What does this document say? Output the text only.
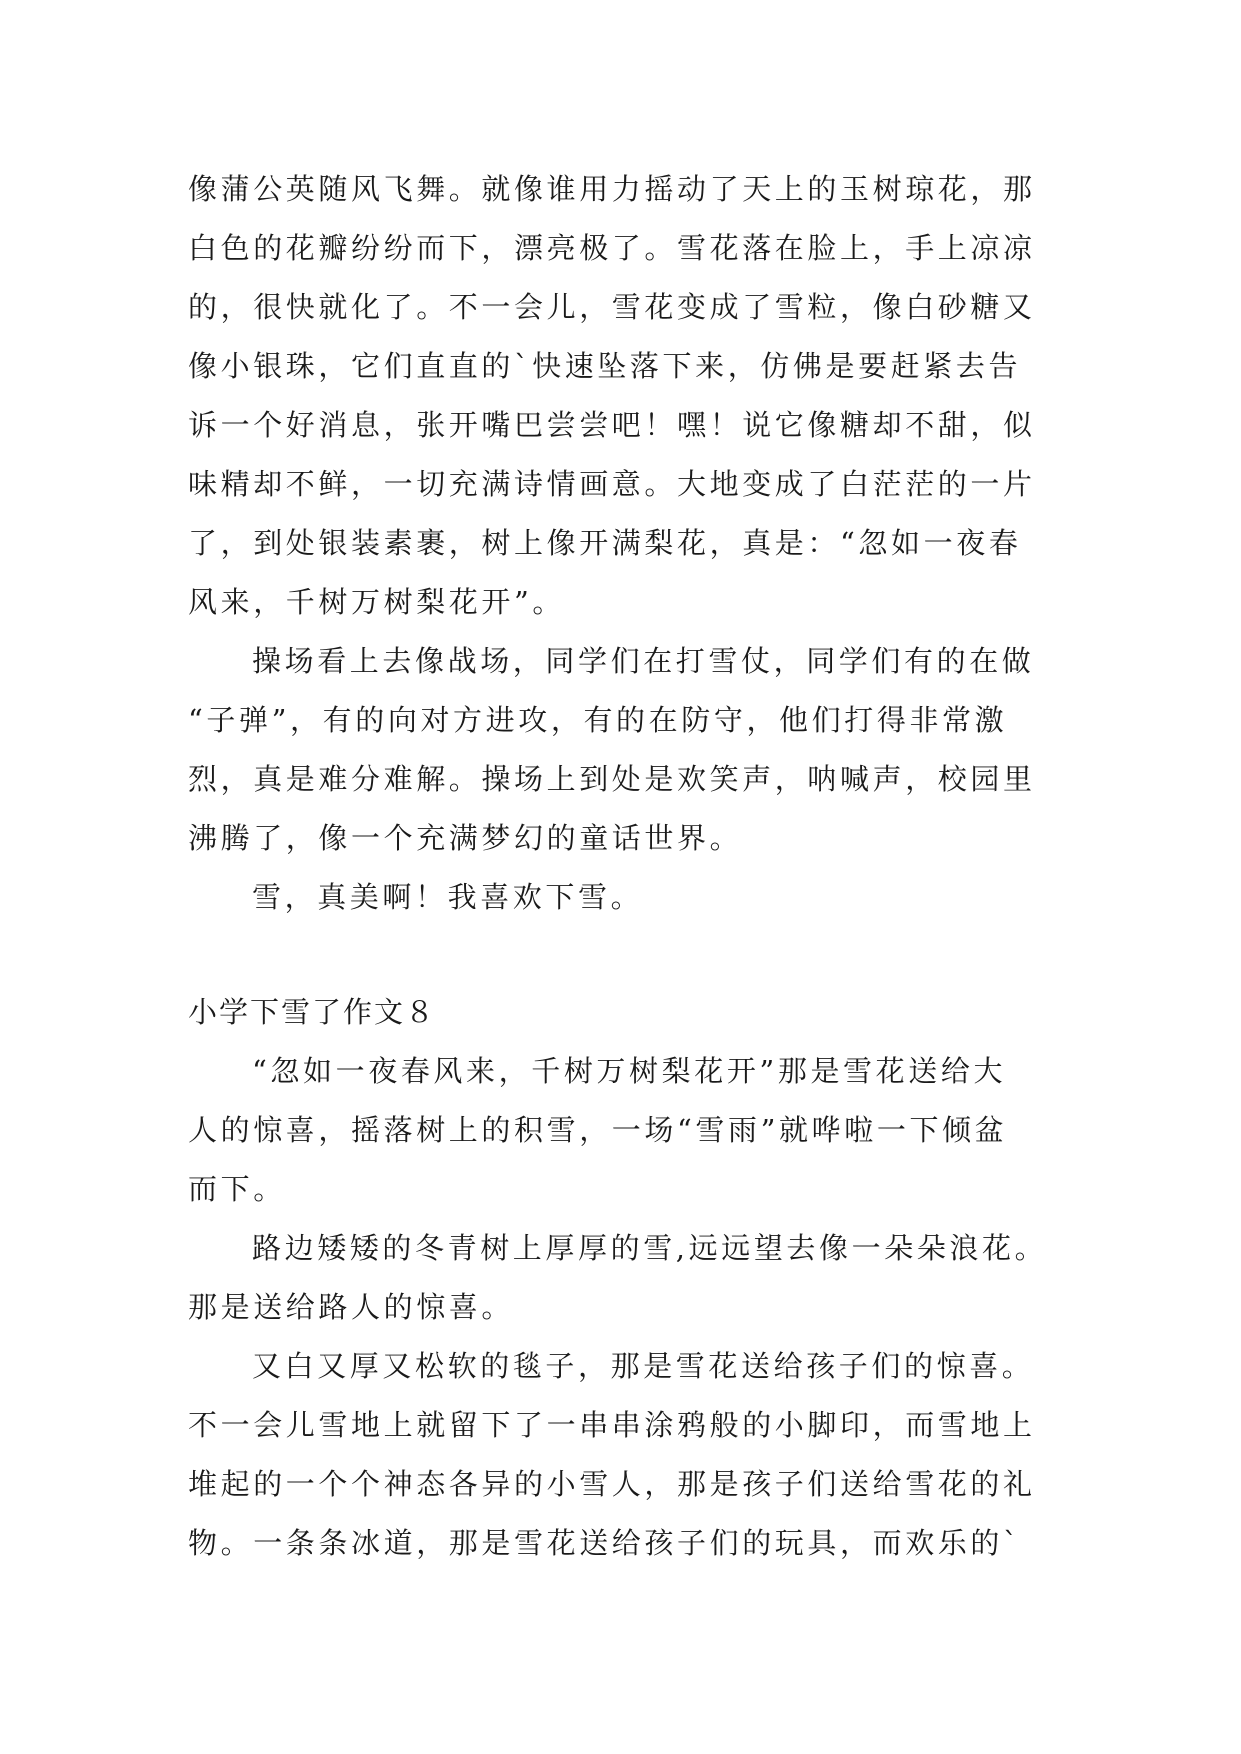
像蒲公英随风飞舞。就像谁用力摇动了天上的玉树琼花，那
白色的花瓣纷纷而下，漂亮极了。雪花落在脸上，手上凉凉
的，很快就化了。不一会儿，雪花变成了雪粒，像白砂糖又
像小银珠，它们直直的`快速坠落下来，仿佛是要赶紧去告
诉一个好消息，张开嘴巴尝尝吧！嘿！说它像糖却不甜，似
味精却不鲜，一切充满诗情画意。大地变成了白茫茫的一片
了，到处银装素裹，树上像开满梨花，真是：“忽如一夜春
风来，千树万树梨花开”。
操场看上去像战场，同学们在打雪仗，同学们有的在做
“子弹”，有的向对方进攻，有的在防守，他们打得非常激
烈，真是难分难解。操场上到处是欢笑声，呐喊声，校园里
沸腾了，像一个充满梦幻的童话世界。
雪，真美啊！我喜欢下雪。
小学下雪了作文８
“忽如一夜春风来，千树万树梨花开”那是雪花送给大
人的惊喜，摇落树上的积雪，一场“雪雨”就哗啦一下倾盆
而下。
路边矮矮的冬青树上厚厚的雪,远远望去像一朵朵浪花。
那是送给路人的惊喜。
又白又厚又松软的毯子，那是雪花送给孩子们的惊喜。
不一会儿雪地上就留下了一串串涂鸦般的小脚印，而雪地上
堆起的一个个神态各异的小雪人，那是孩子们送给雪花的礼
物。一条条冰道，那是雪花送给孩子们的玩具，而欢乐的`
